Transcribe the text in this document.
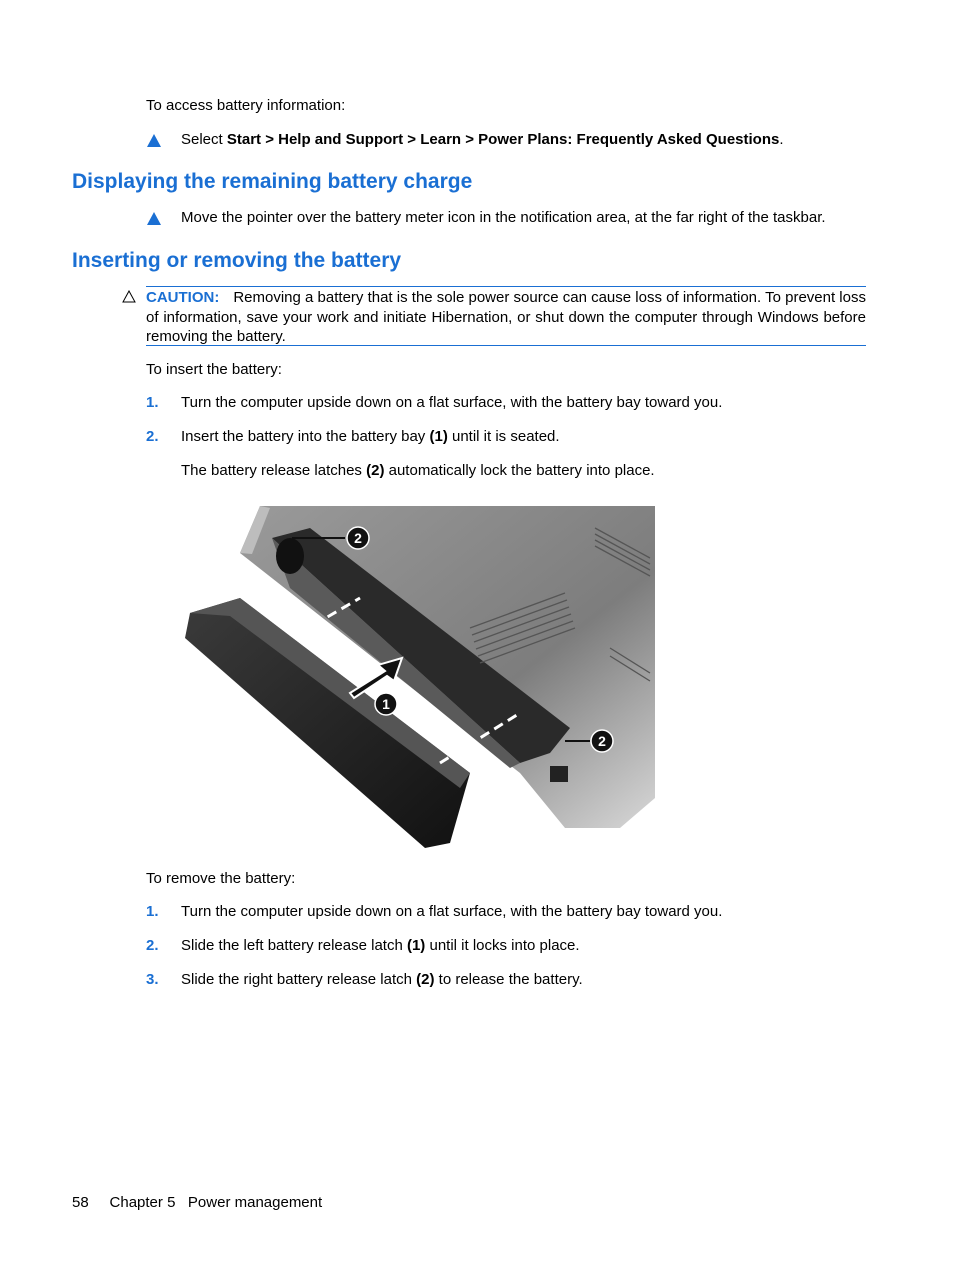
To access battery information:
Select Start > Help and Support > Learn > Power Plans: Frequently Asked Questions.
Displaying the remaining battery charge
Move the pointer over the battery meter icon in the notification area, at the far right of the taskbar.
Inserting or removing the battery
CAUTION: Removing a battery that is the sole power source can cause loss of information. To prevent loss of information, save your work and initiate Hibernation, or shut down the computer through Windows before removing the battery.
To insert the battery:
1. Turn the computer upside down on a flat surface, with the battery bay toward you.
2. Insert the battery into the battery bay (1) until it is seated.
The battery release latches (2) automatically lock the battery into place.
2
1
2
To remove the battery:
1. Turn the computer upside down on a flat surface, with the battery bay toward you.
2. Slide the left battery release latch (1) until it locks into place.
3. Slide the right battery release latch (2) to release the battery.
58 Chapter 5 Power management
